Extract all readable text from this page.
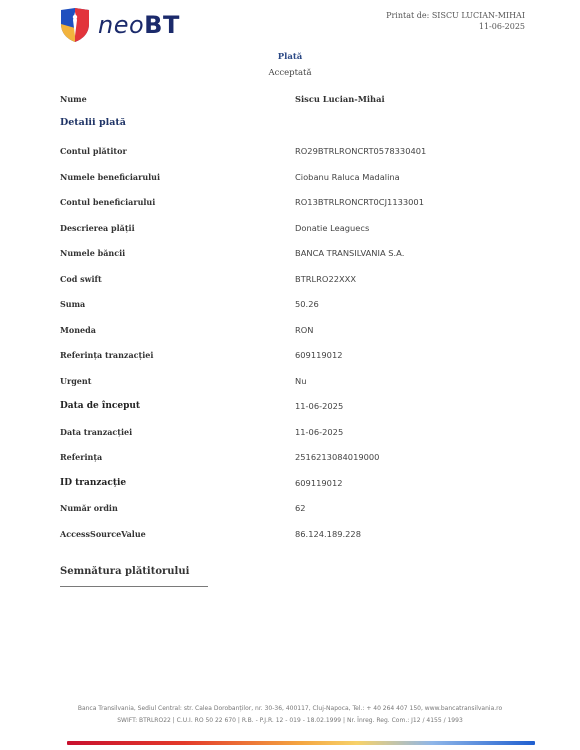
neoBT	Printat de: SISCU LUCIAN-MIHAI
11-06-2025
Plată
Acceptată
Nume	Siscu Lucian-Mihai
Detalii plată
Contul plătitor	RO29BTRLRONCRT0578330401
Numele beneficiarului	Ciobanu Raluca Madalina
Contul beneficiarului	RO13BTRLRONCRT0CJ1133001
Descrierea plății	Donatie Leaguecs
Numele băncii	BANCA TRANSILVANIA S.A.
Cod swift	BTRLRO22XXX
Suma	50.26
Moneda	RON
Referința tranzacției	609119012
Urgent	Nu
Data de început	11-06-2025
Data tranzacției	11-06-2025
Referința	2516213084019000
ID tranzacție	609119012
Număr ordin	62
AccessSourceValue	86.124.189.228
Semnătura plătitorului
Banca Transilvania, Sediul Central: str. Calea Dorobanților, nr. 30-36, 400117, Cluj-Napoca, Tel.: + 40 264 407 150, www.bancatransilvania.ro
SWIFT: BTRLRO22 | C.U.I. RO 50 22 670 | R.B. - P.J.R. 12 - 019 - 18.02.1999 | Nr. Înreg. Reg. Com.: J12 / 4155 / 1993
